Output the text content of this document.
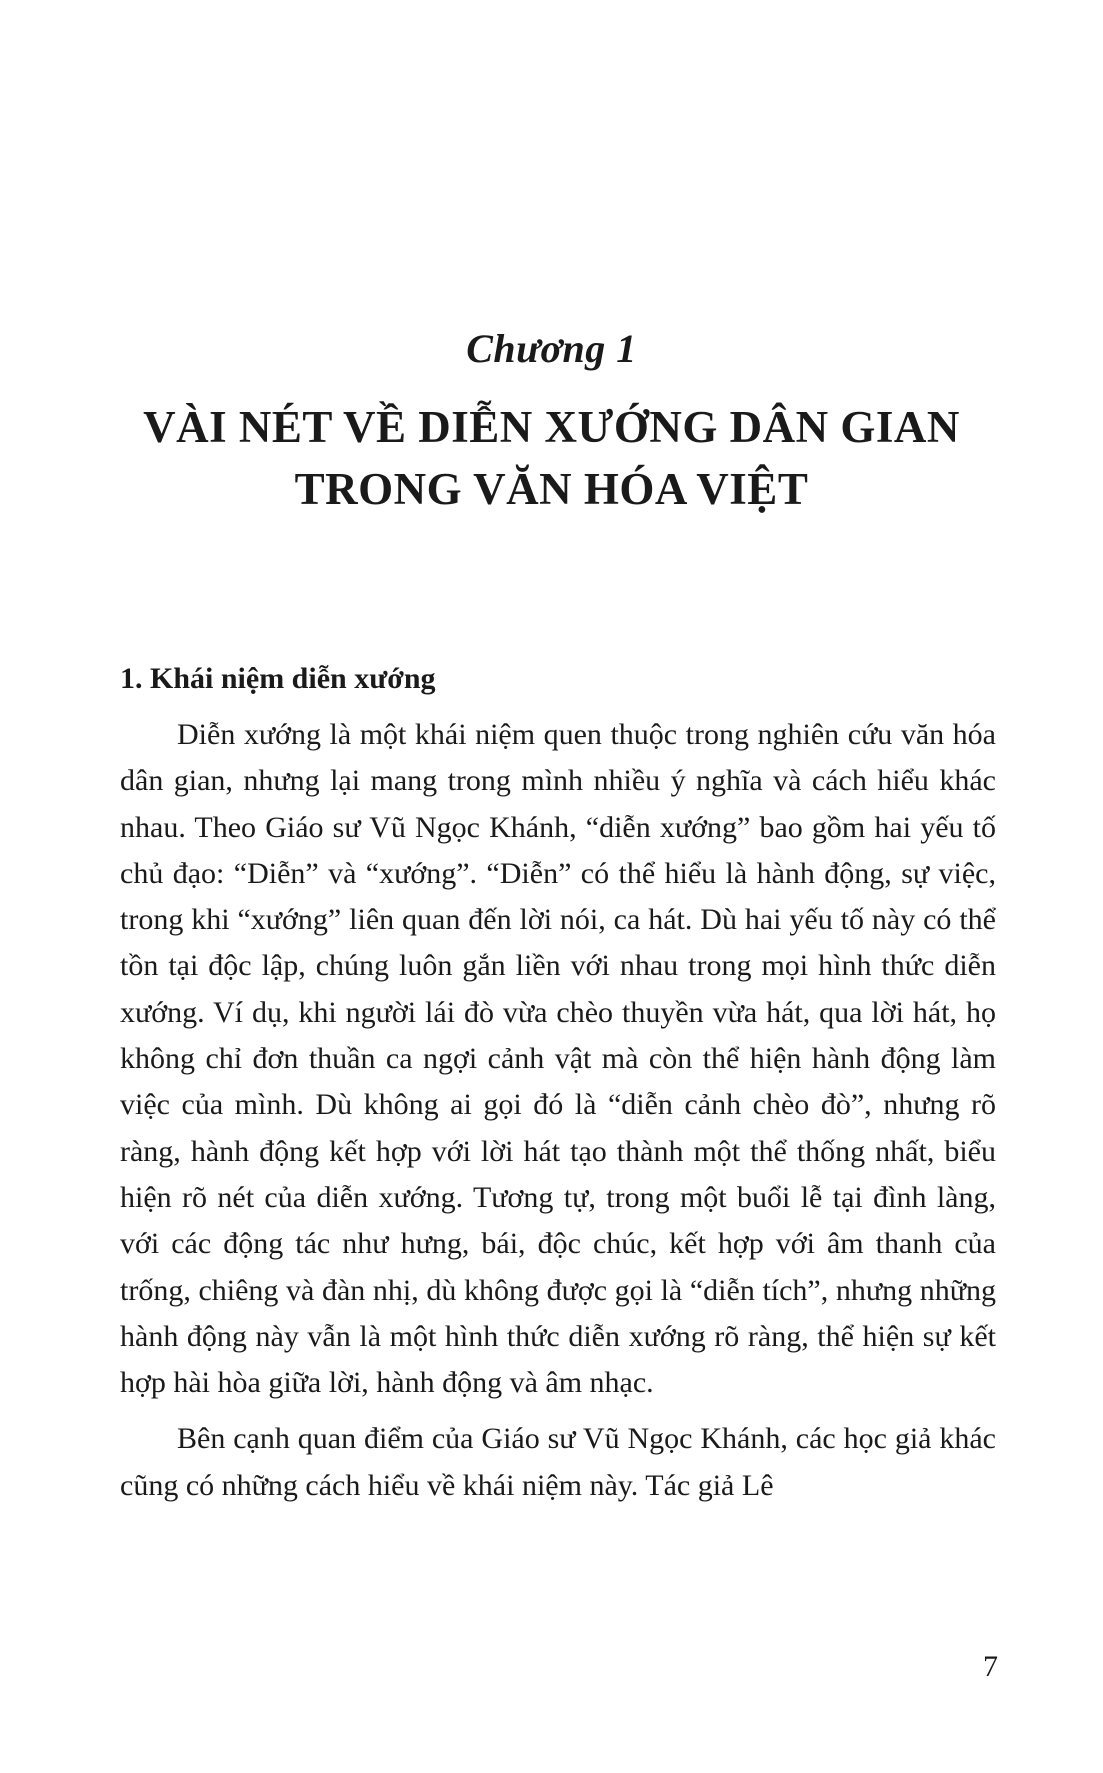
Chương 1
VÀI NÉT VỀ DIỄN XƯỚNG DÂN GIAN
TRONG VĂN HÓA VIỆT
1. Khái niệm diễn xướng

Diễn xướng là một khái niệm quen thuộc trong nghiên cứu văn hóa dân gian, nhưng lại mang trong mình nhiều ý nghĩa và cách hiểu khác nhau. Theo Giáo sư Vũ Ngọc Khánh, “diễn xướng” bao gồm hai yếu tố chủ đạo: “Diễn” và “xướng”. “Diễn” có thể hiểu là hành động, sự việc, trong khi “xướng” liên quan đến lời nói, ca hát. Dù hai yếu tố này có thể tồn tại độc lập, chúng luôn gắn liền với nhau trong mọi hình thức diễn xướng. Ví dụ, khi người lái đò vừa chèo thuyền vừa hát, qua lời hát, họ không chỉ đơn thuần ca ngợi cảnh vật mà còn thể hiện hành động làm việc của mình. Dù không ai gọi đó là “diễn cảnh chèo đò”, nhưng rõ ràng, hành động kết hợp với lời hát tạo thành một thể thống nhất, biểu hiện rõ nét của diễn xướng. Tương tự, trong một buổi lễ tại đình làng, với các động tác như hưng, bái, độc chúc, kết hợp với âm thanh của trống, chiêng và đàn nhị, dù không được gọi là “diễn tích”, nhưng những hành động này vẫn là một hình thức diễn xướng rõ ràng, thể hiện sự kết hợp hài hòa giữa lời, hành động và âm nhạc.

Bên cạnh quan điểm của Giáo sư Vũ Ngọc Khánh, các học giả khác cũng có những cách hiểu về khái niệm này. Tác giả Lê

7
